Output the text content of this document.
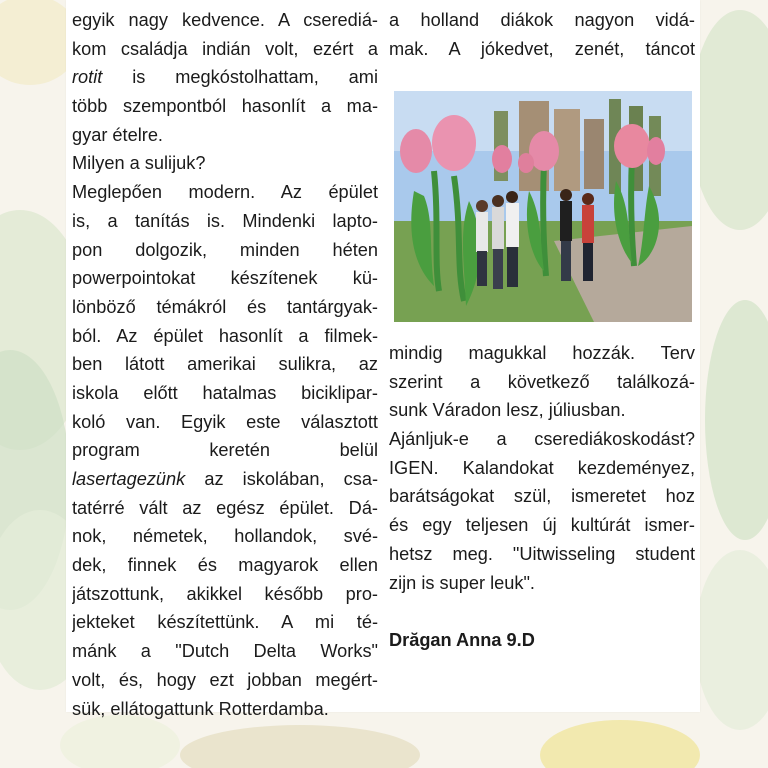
egyik nagy kedvence. A cserediá-
kom családja indián volt, ezért a
rotit is megkóstolhattam, ami
több szempontból hasonlít a ma-
gyar ételre.
Milyen a sulijuk?
Meglepően modern. Az épület
is, a tanítás is. Mindenki lapto-
pon dolgozik, minden héten
powerpointokat készítenek kü-
lönböző témákról és tantárgyak-
ból. Az épület hasonlít a filmek-
ben látott amerikai sulikra, az
iskola előtt hatalmas biciklipar-
koló van. Egyik este választott
program keretén belül
lasertagezünk az iskolában, csa-
tatérré vált az egész épület. Dá-
nok, németek, hollandok, své-
dek, finnek és magyarok ellen
játszottunk, akikkel később pro-
jekteket készítettünk. A mi té-
mánk a "Dutch Delta Works"
volt, és, hogy ezt jobban megért-
sük, ellátogattunk Rotterdamba.
a holland diákok nagyon vidá-
mak. A jókedvet, zenét, táncot
mindig magukkal hozzák. Terv
szerint a következő találkozá-
sunk Váradon lesz, júliusban.
Ajánljuk-e a cserediákoskodást?
IGEN. Kalandokat kezdeményez,
barátságokat szül, ismeretet hoz
és egy teljesen új kultúrát ismer-
hetsz meg. "Uitwisseling student
zijn is super leuk".
Drăgan Anna 9.D
